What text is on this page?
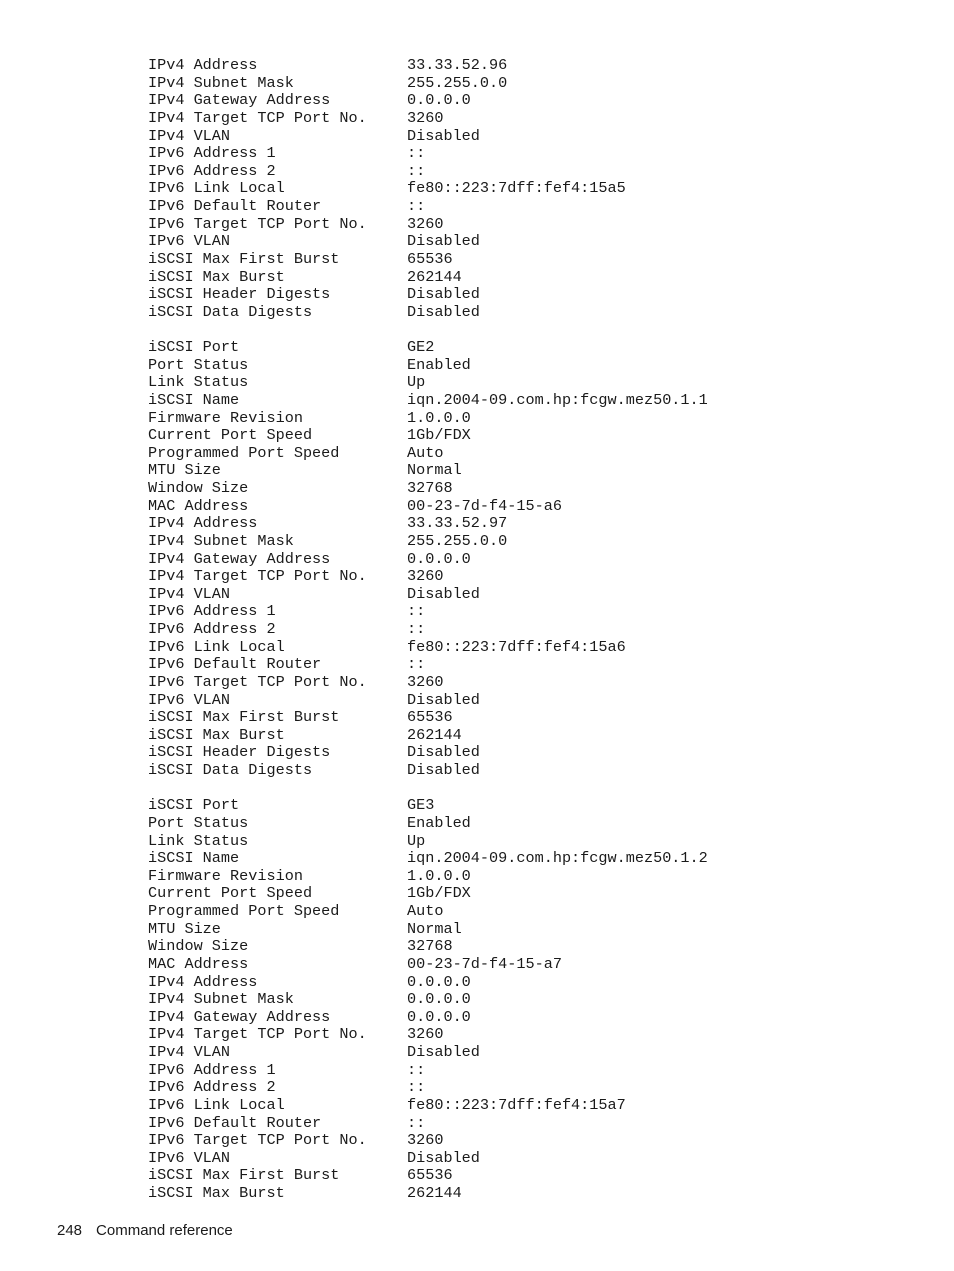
IPv4 Address	33.33.52.96
IPv4 Subnet Mask	255.255.0.0
IPv4 Gateway Address	0.0.0.0
IPv4 Target TCP Port No.	3260
IPv4 VLAN	Disabled
IPv6 Address 1	::
IPv6 Address 2	::
IPv6 Link Local	fe80::223:7dff:fef4:15a5
IPv6 Default Router	::
IPv6 Target TCP Port No.	3260
IPv6 VLAN	Disabled
iSCSI Max First Burst	65536
iSCSI Max Burst	262144
iSCSI Header Digests	Disabled
iSCSI Data Digests	Disabled
iSCSI Port	GE2
Port Status	Enabled
Link Status	Up
iSCSI Name	iqn.2004-09.com.hp:fcgw.mez50.1.1
Firmware Revision	1.0.0.0
Current Port Speed	1Gb/FDX
Programmed Port Speed	Auto
MTU Size	Normal
Window Size	32768
MAC Address	00-23-7d-f4-15-a6
IPv4 Address	33.33.52.97
IPv4 Subnet Mask	255.255.0.0
IPv4 Gateway Address	0.0.0.0
IPv4 Target TCP Port No.	3260
IPv4 VLAN	Disabled
IPv6 Address 1	::
IPv6 Address 2	::
IPv6 Link Local	fe80::223:7dff:fef4:15a6
IPv6 Default Router	::
IPv6 Target TCP Port No.	3260
IPv6 VLAN	Disabled
iSCSI Max First Burst	65536
iSCSI Max Burst	262144
iSCSI Header Digests	Disabled
iSCSI Data Digests	Disabled
iSCSI Port	GE3
Port Status	Enabled
Link Status	Up
iSCSI Name	iqn.2004-09.com.hp:fcgw.mez50.1.2
Firmware Revision	1.0.0.0
Current Port Speed	1Gb/FDX
Programmed Port Speed	Auto
MTU Size	Normal
Window Size	32768
MAC Address	00-23-7d-f4-15-a7
IPv4 Address	0.0.0.0
IPv4 Subnet Mask	0.0.0.0
IPv4 Gateway Address	0.0.0.0
IPv4 Target TCP Port No.	3260
IPv4 VLAN	Disabled
IPv6 Address 1	::
IPv6 Address 2	::
IPv6 Link Local	fe80::223:7dff:fef4:15a7
IPv6 Default Router	::
IPv6 Target TCP Port No.	3260
IPv6 VLAN	Disabled
iSCSI Max First Burst	65536
iSCSI Max Burst	262144
248 Command reference
